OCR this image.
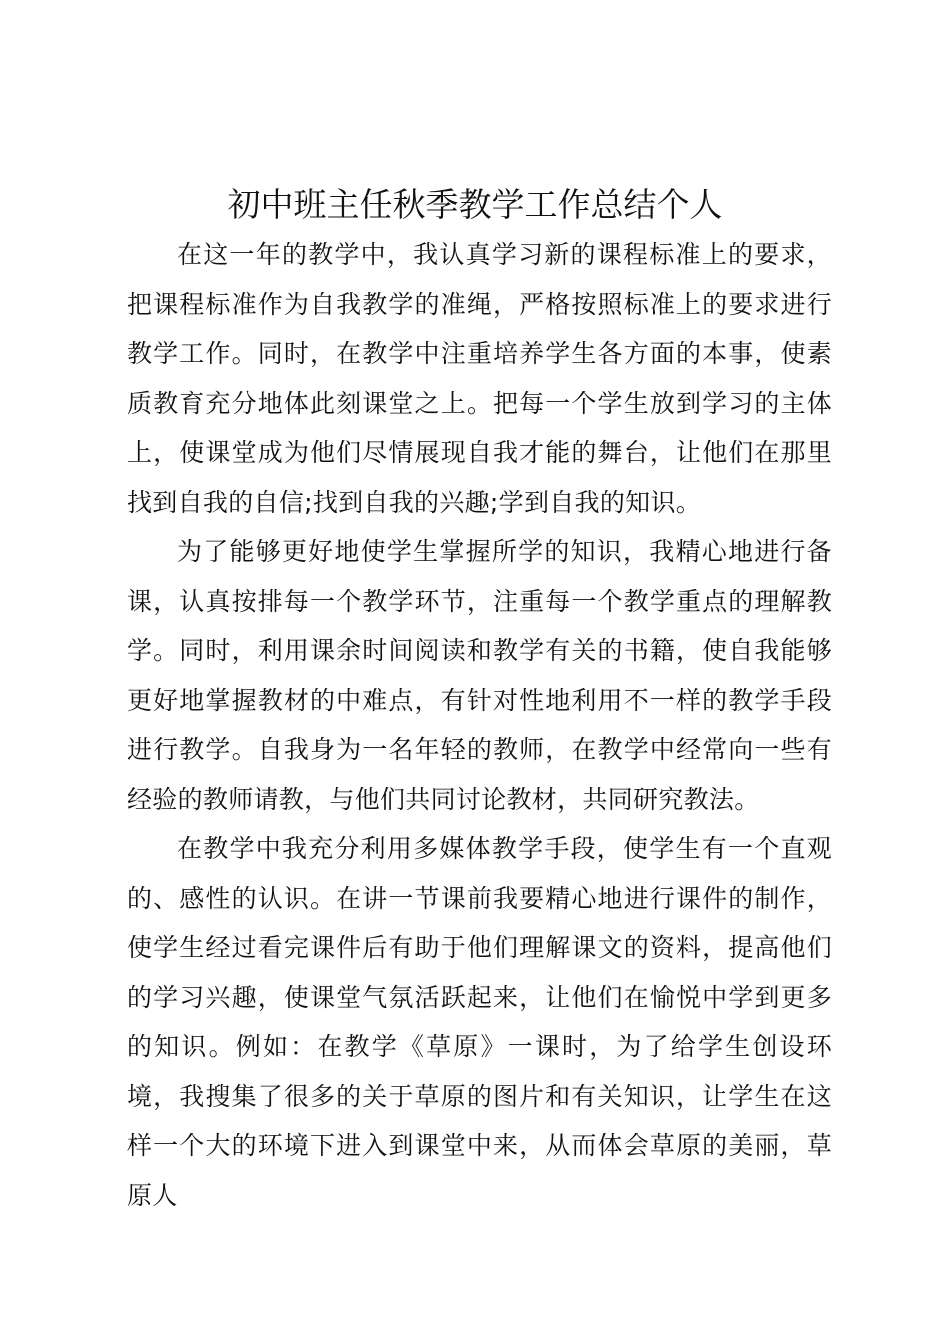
初中班主任秋季教学工作总结个人

在这一年的教学中，我认真学习新的课程标准上的要求，把课程标准作为自我教学的准绳，严格按照标准上的要求进行教学工作。同时，在教学中注重培养学生各方面的本事，使素质教育充分地体此刻课堂之上。把每一个学生放到学习的主体上，使课堂成为他们尽情展现自我才能的舞台，让他们在那里找到自我的自信;找到自我的兴趣;学到自我的知识。

为了能够更好地使学生掌握所学的知识，我精心地进行备课，认真按排每一个教学环节，注重每一个教学重点的理解教学。同时，利用课余时间阅读和教学有关的书籍，使自我能够更好地掌握教材的中难点，有针对性地利用不一样的教学手段进行教学。自我身为一名年轻的教师，在教学中经常向一些有经验的教师请教，与他们共同讨论教材，共同研究教法。

在教学中我充分利用多媒体教学手段，使学生有一个直观的、感性的认识。在讲一节课前我要精心地进行课件的制作，使学生经过看完课件后有助于他们理解课文的资料，提高他们的学习兴趣，使课堂气氛活跃起来，让他们在愉悦中学到更多的知识。例如：在教学《草原》一课时，为了给学生创设环境，我搜集了很多的关于草原的图片和有关知识，让学生在这样一个大的环境下进入到课堂中来，从而体会草原的美丽，草原人
